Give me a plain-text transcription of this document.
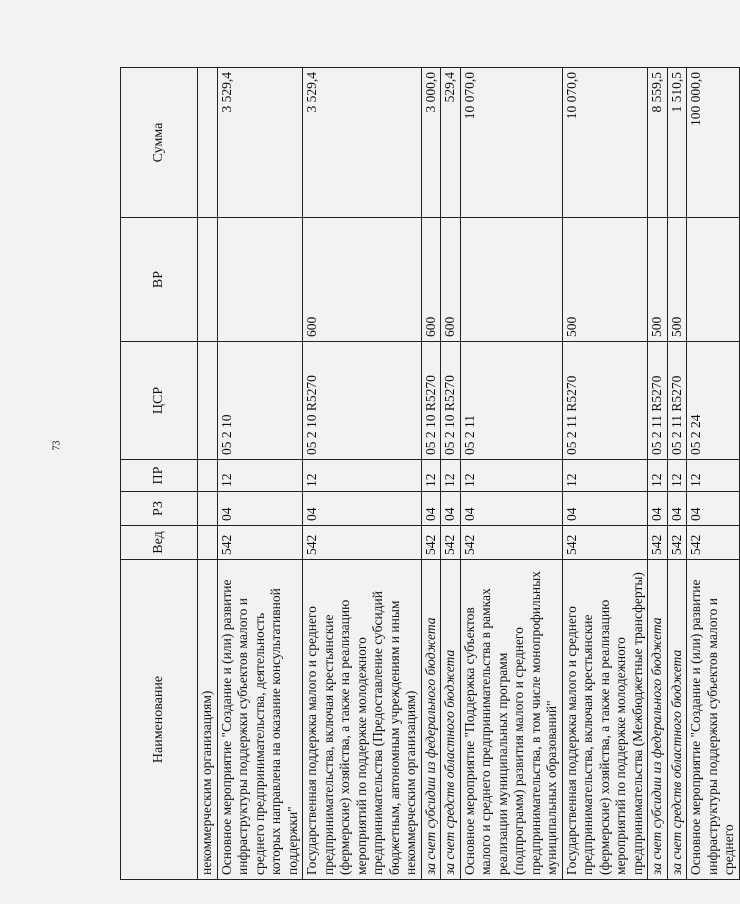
73
Наименование	Вед	РЗ	ПР	ЦСР	ВР	Сумма
некоммерческим организациям)						
Основное мероприятие "Создание и (или) развитие инфраструктуры поддержки субъектов малого и среднего предпринимательства, деятельность которых направлена на оказание консультативной поддержки"	542	04	12	05 2 10		3 529,4
Государственная поддержка малого и среднего предпринимательства, включая крестьянские (фермерские) хозяйства, а также на реализацию мероприятий по поддержке молодежного предпринимательства (Предоставление субсидий бюджетным, автономным учреждениям и иным некоммерческим организациям)	542	04	12	05 2 10 R5270	600	3 529,4
за счет субсидии из федерального бюджета	542	04	12	05 2 10 R5270	600	3 000,0
за счет средств областного бюджета	542	04	12	05 2 10 R5270	600	529,4
Основное мероприятие "Поддержка субъектов малого и среднего предпринимательства в рамках реализации муниципальных программ (подпрограмм) развития малого и среднего предпринимательства, в том числе монопрофильных муниципальных образований"	542	04	12	05 2 11		10 070,0
Государственная поддержка малого и среднего предпринимательства, включая крестьянские (фермерские) хозяйства, а также на реализацию мероприятий по поддержке молодежного предпринимательства (Межбюджетные трансферты)	542	04	12	05 2 11 R5270	500	10 070,0
за счет субсидии из федерального бюджета	542	04	12	05 2 11 R5270	500	8 559,5
за счет средств областного бюджета	542	04	12	05 2 11 R5270	500	1 510,5
Основное мероприятие "Создание и (или) развитие инфраструктуры поддержки субъектов малого и среднего	542	04	12	05 2 24		100 000,0
